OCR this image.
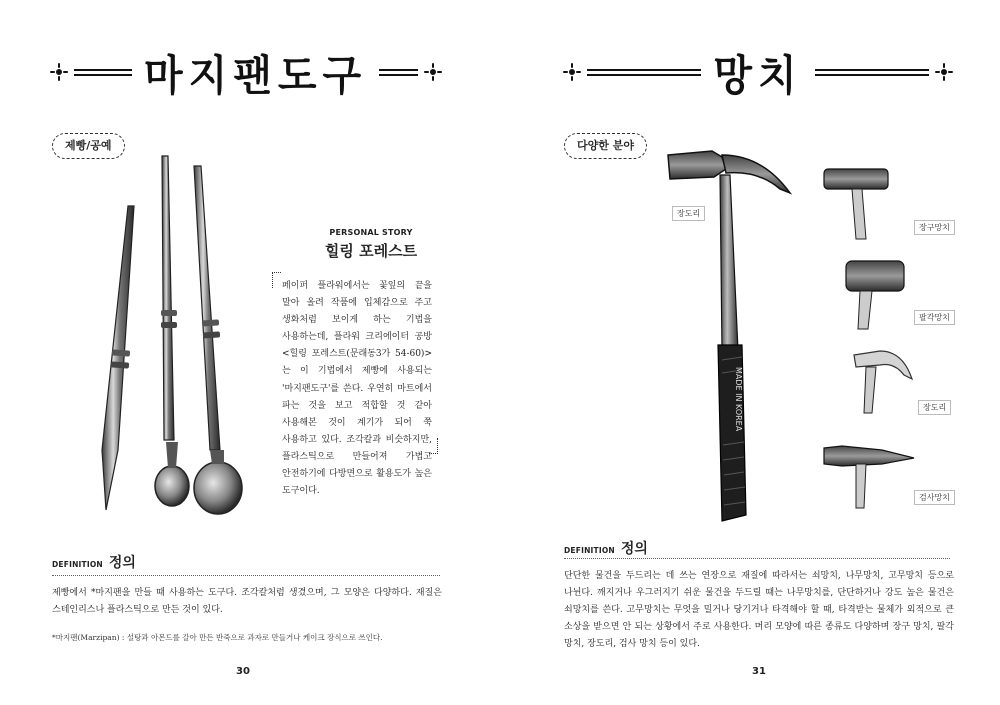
마지팬도구
제빵/공예
PERSONAL STORY
힐링 포레스트
페이퍼 플라워에서는 꽃잎의 끝을 말아 올려 작품에 입체감으로 주고 생화처럼 보이게 하는 기법을 사용하는데, 플라워 크리에이터 공방 <힐링 포레스트(문래동3가 54-60)>는 이 기법에서 제빵에 사용되는 '마지팬도구'를 쓴다. 우연히 마트에서 파는 것을 보고 적합할 것 같아 사용해본 것이 계기가 되어 쭉 사용하고 있다. 조각칼과 비슷하지만, 플라스틱으로 만들어져 가볍고 안전하기에 다방면으로 활용도가 높은 도구이다.
DEFINITION 정의
제빵에서 *마지팬을 만들 때 사용하는 도구다. 조각칼처럼 생겼으며, 그 모양은 다양하다. 재질은 스테인리스나 플라스틱으로 만든 것이 있다.
*마지팬(Marzipan) : 설탕과 아몬드를 갈아 만든 반죽으로 과자로 만들거나 케이크 장식으로 쓰인다.
30
망치
다양한 분야
MADE IN KOREA
장도리
장구망치
팔각망치
장도리
검사망치
DEFINITION 정의
단단한 물건을 두드리는 데 쓰는 연장으로 재질에 따라서는 쇠망치, 나무망치, 고무망치 등으로 나뉜다. 깨지거나 우그러지기 쉬운 물건을 두드릴 때는 나무망치를, 단단하거나 강도 높은 물건은 쇠망치를 쓴다. 고무망치는 무엇을 밀거나 당기거나 타격해야 할 때, 타격받는 물체가 외적으로 큰 소상을 받으면 안 되는 상황에서 주로 사용한다. 머리 모양에 따른 종류도 다양하며 장구 망치, 팔각 망치, 장도리, 검사 망치 등이 있다.
31
